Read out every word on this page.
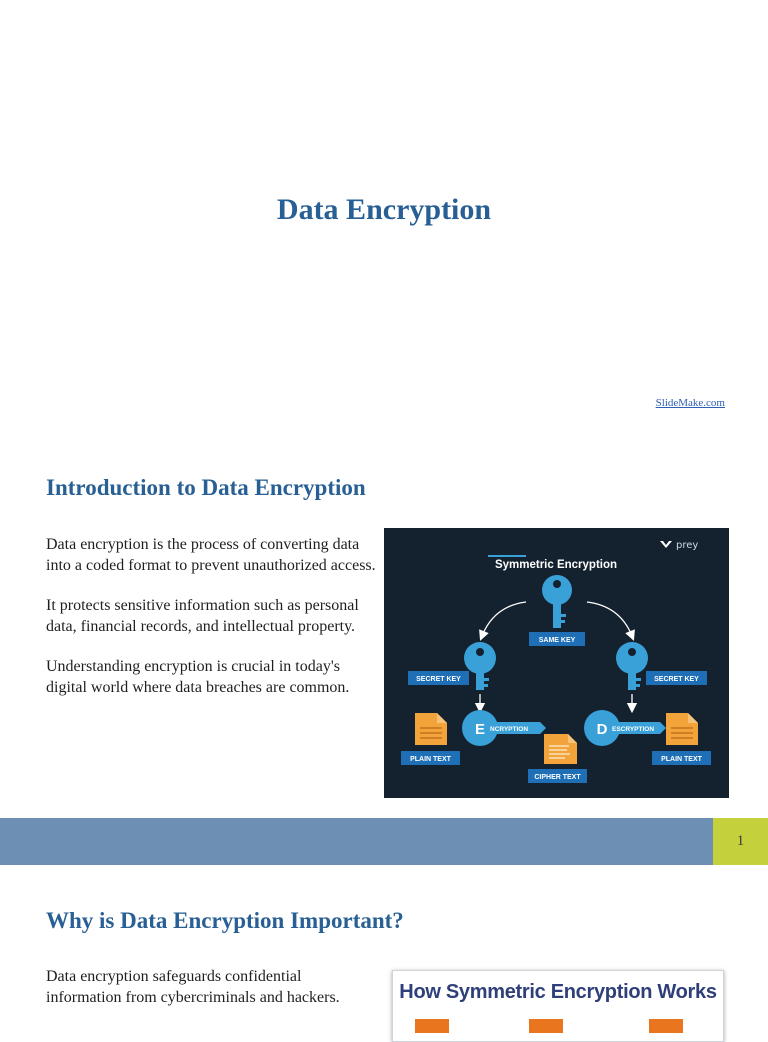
Data Encryption
SlideMake.com
Introduction to Data Encryption

Data encryption is the process of converting data into a coded format to prevent unauthorized access.

It protects sensitive information such as personal data, financial records, and intellectual property.

Understanding encryption is crucial in today's digital world where data breaches are common.

prey
Symmetric Encryption
SAME KEY
SECRET KEY	SECRET KEY
PLAIN TEXT
E NCRYPTION	D ESCRYPTION
PLAIN TEXT
CIPHER TEXT
1
Why is Data Encryption Important?

Data encryption safeguards confidential information from cybercriminals and hackers.	How Symmetric Encryption Works
